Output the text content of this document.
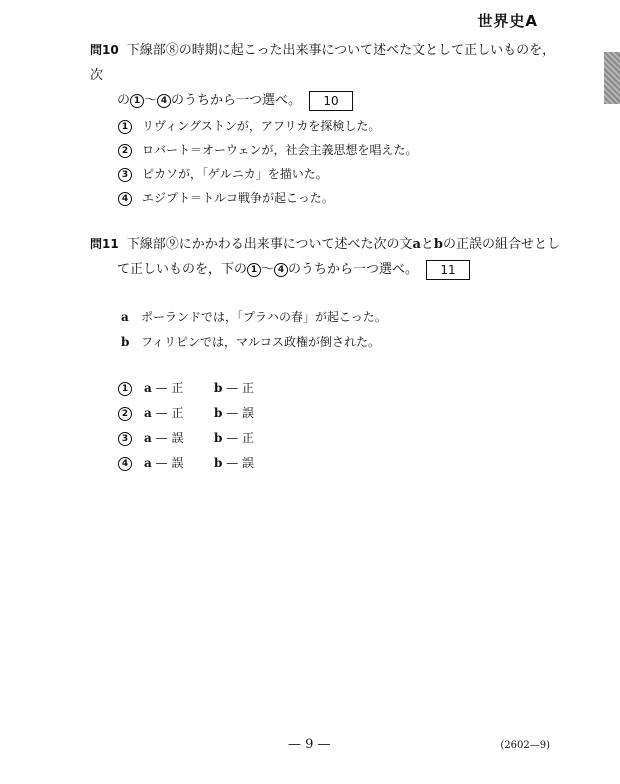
世界史A
問10 下線部⑧の時期に起こった出来事について述べた文として正しいものを，次
の 1 〜 4 のうちから一つ選べ。 10
1 リヴィングストンが，アフリカを探検した。
2 ロバート＝オーウェンが，社会主義思想を唱えた。
3 ピカソが，「ゲルニカ」を描いた。
4 エジプト＝トルコ戦争が起こった。
問11 下線部⑨にかかわる出来事について述べた次の文aとbの正誤の組合せとし
て正しいものを，下の 1 〜 4 のうちから一つ選べ。 11
a ポーランドでは，「プラハの春」が起こった。
b フィリピンでは，マルコス政権が倒された。
1 a — 正	b — 正
2 a — 正	b — 誤
3 a — 誤	b — 正
4 a — 誤	b — 誤
— 9 —	(2602—9)
